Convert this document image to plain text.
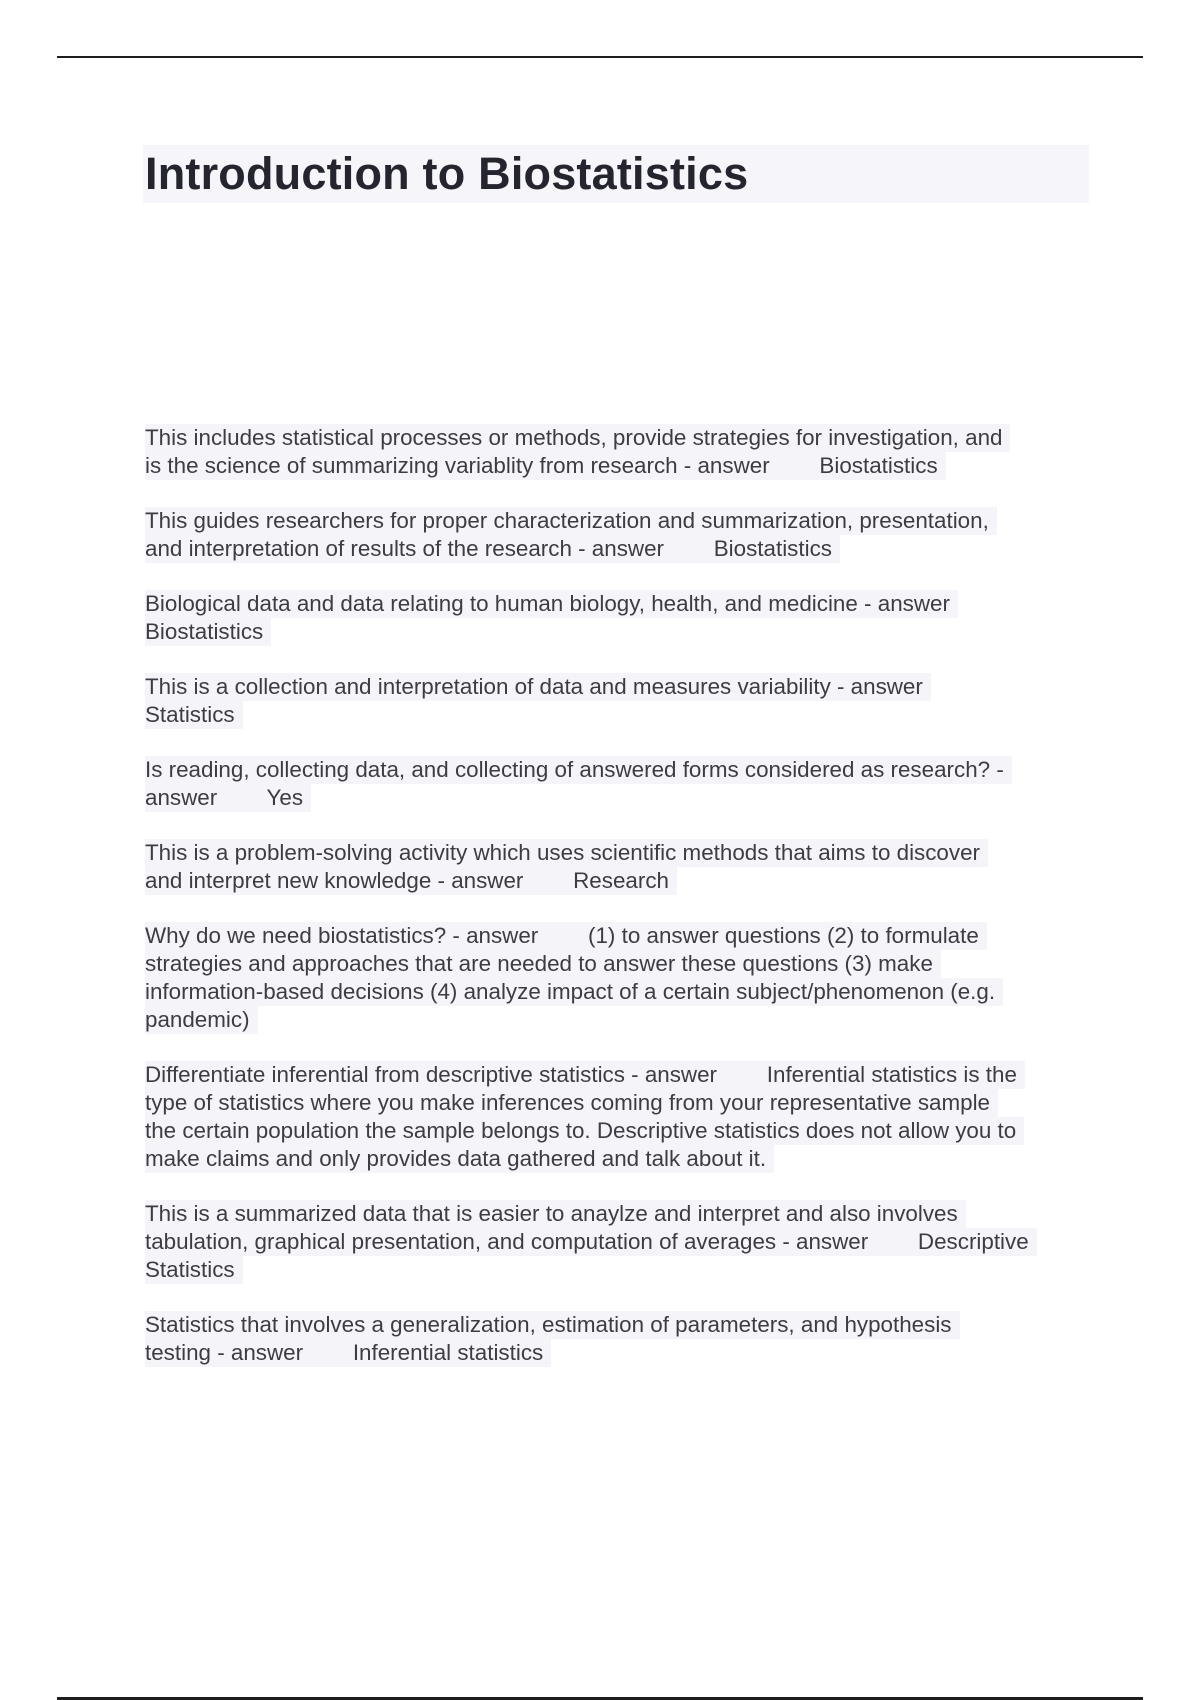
Introduction to Biostatistics

This includes statistical processes or methods, provide strategies for investigation, and
is the science of summarizing variablity from research - answer        Biostatistics

This guides researchers for proper characterization and summarization, presentation,
and interpretation of results of the research - answer        Biostatistics

Biological data and data relating to human biology, health, and medicine - answer
Biostatistics

This is a collection and interpretation of data and measures variability - answer
Statistics

Is reading, collecting data, and collecting of answered forms considered as research? -
answer        Yes

This is a problem-solving activity which uses scientific methods that aims to discover
and interpret new knowledge - answer        Research

Why do we need biostatistics? - answer        (1) to answer questions (2) to formulate
strategies and approaches that are needed to answer these questions (3) make
information-based decisions (4) analyze impact of a certain subject/phenomenon (e.g.
pandemic)

Differentiate inferential from descriptive statistics - answer        Inferential statistics is the
type of statistics where you make inferences coming from your representative sample
the certain population the sample belongs to. Descriptive statistics does not allow you to
make claims and only provides data gathered and talk about it.

This is a summarized data that is easier to anaylze and interpret and also involves
tabulation, graphical presentation, and computation of averages - answer        Descriptive
Statistics

Statistics that involves a generalization, estimation of parameters, and hypothesis
testing - answer        Inferential statistics
